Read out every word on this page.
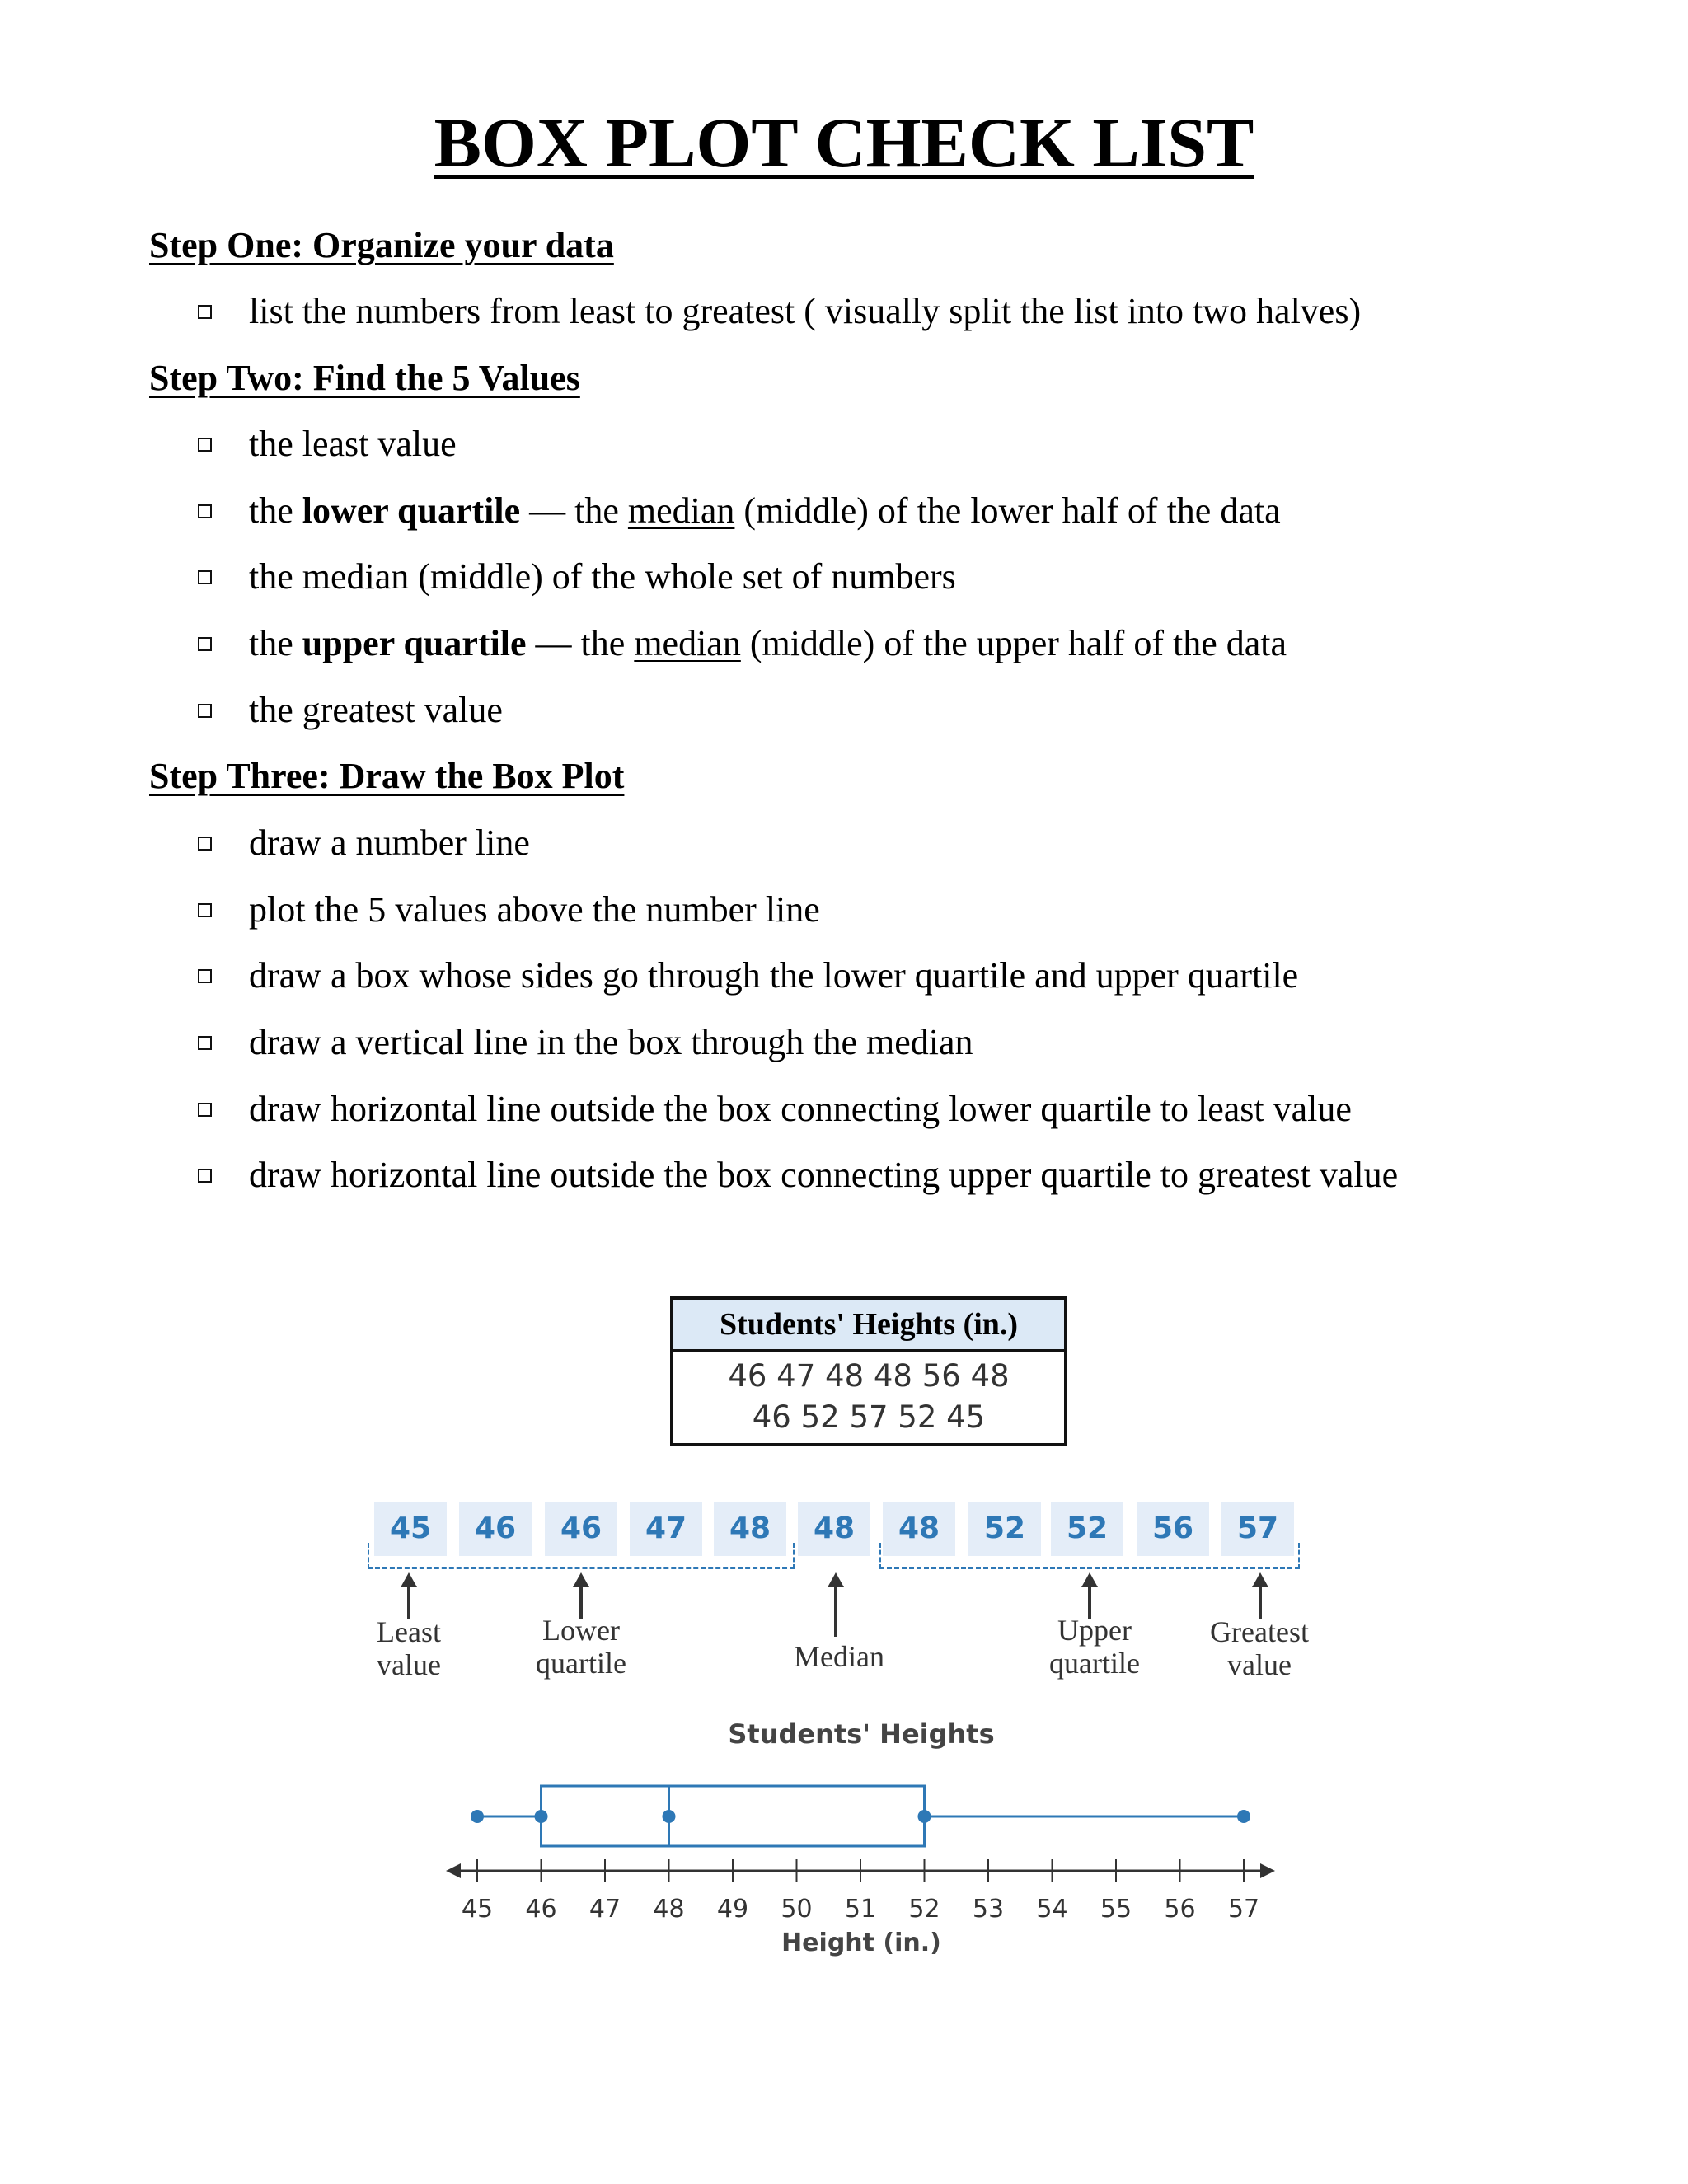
BOX PLOT CHECK LIST
Step One: Organize your data
list the numbers from least to greatest ( visually split the list into two halves)
Step Two: Find the 5 Values
the least value
the lower quartile — the median (middle) of the lower half of the data
the median (middle) of the whole set of numbers
the upper quartile — the median (middle) of the upper half of the data
the greatest value
Step Three: Draw the Box Plot
draw a number line
plot the 5 values above the number line
draw a box whose sides go through the lower quartile and upper quartile
draw a vertical line in the box through the median
draw horizontal line outside the box connecting lower quartile to least value
draw horizontal line outside the box connecting upper quartile to greatest value
Students' Heights (in.)
46 47 48 48 56 48
46 52 57 52 45
45	46	46	47	48	48	48	52	52	56	57
Least
value
Lower
quartile	Median
Upper
quartile
Greatest
value
Students' Heights
45 46 47 48 49 50 51 52 53 54 55 56 57
Height (in.)
